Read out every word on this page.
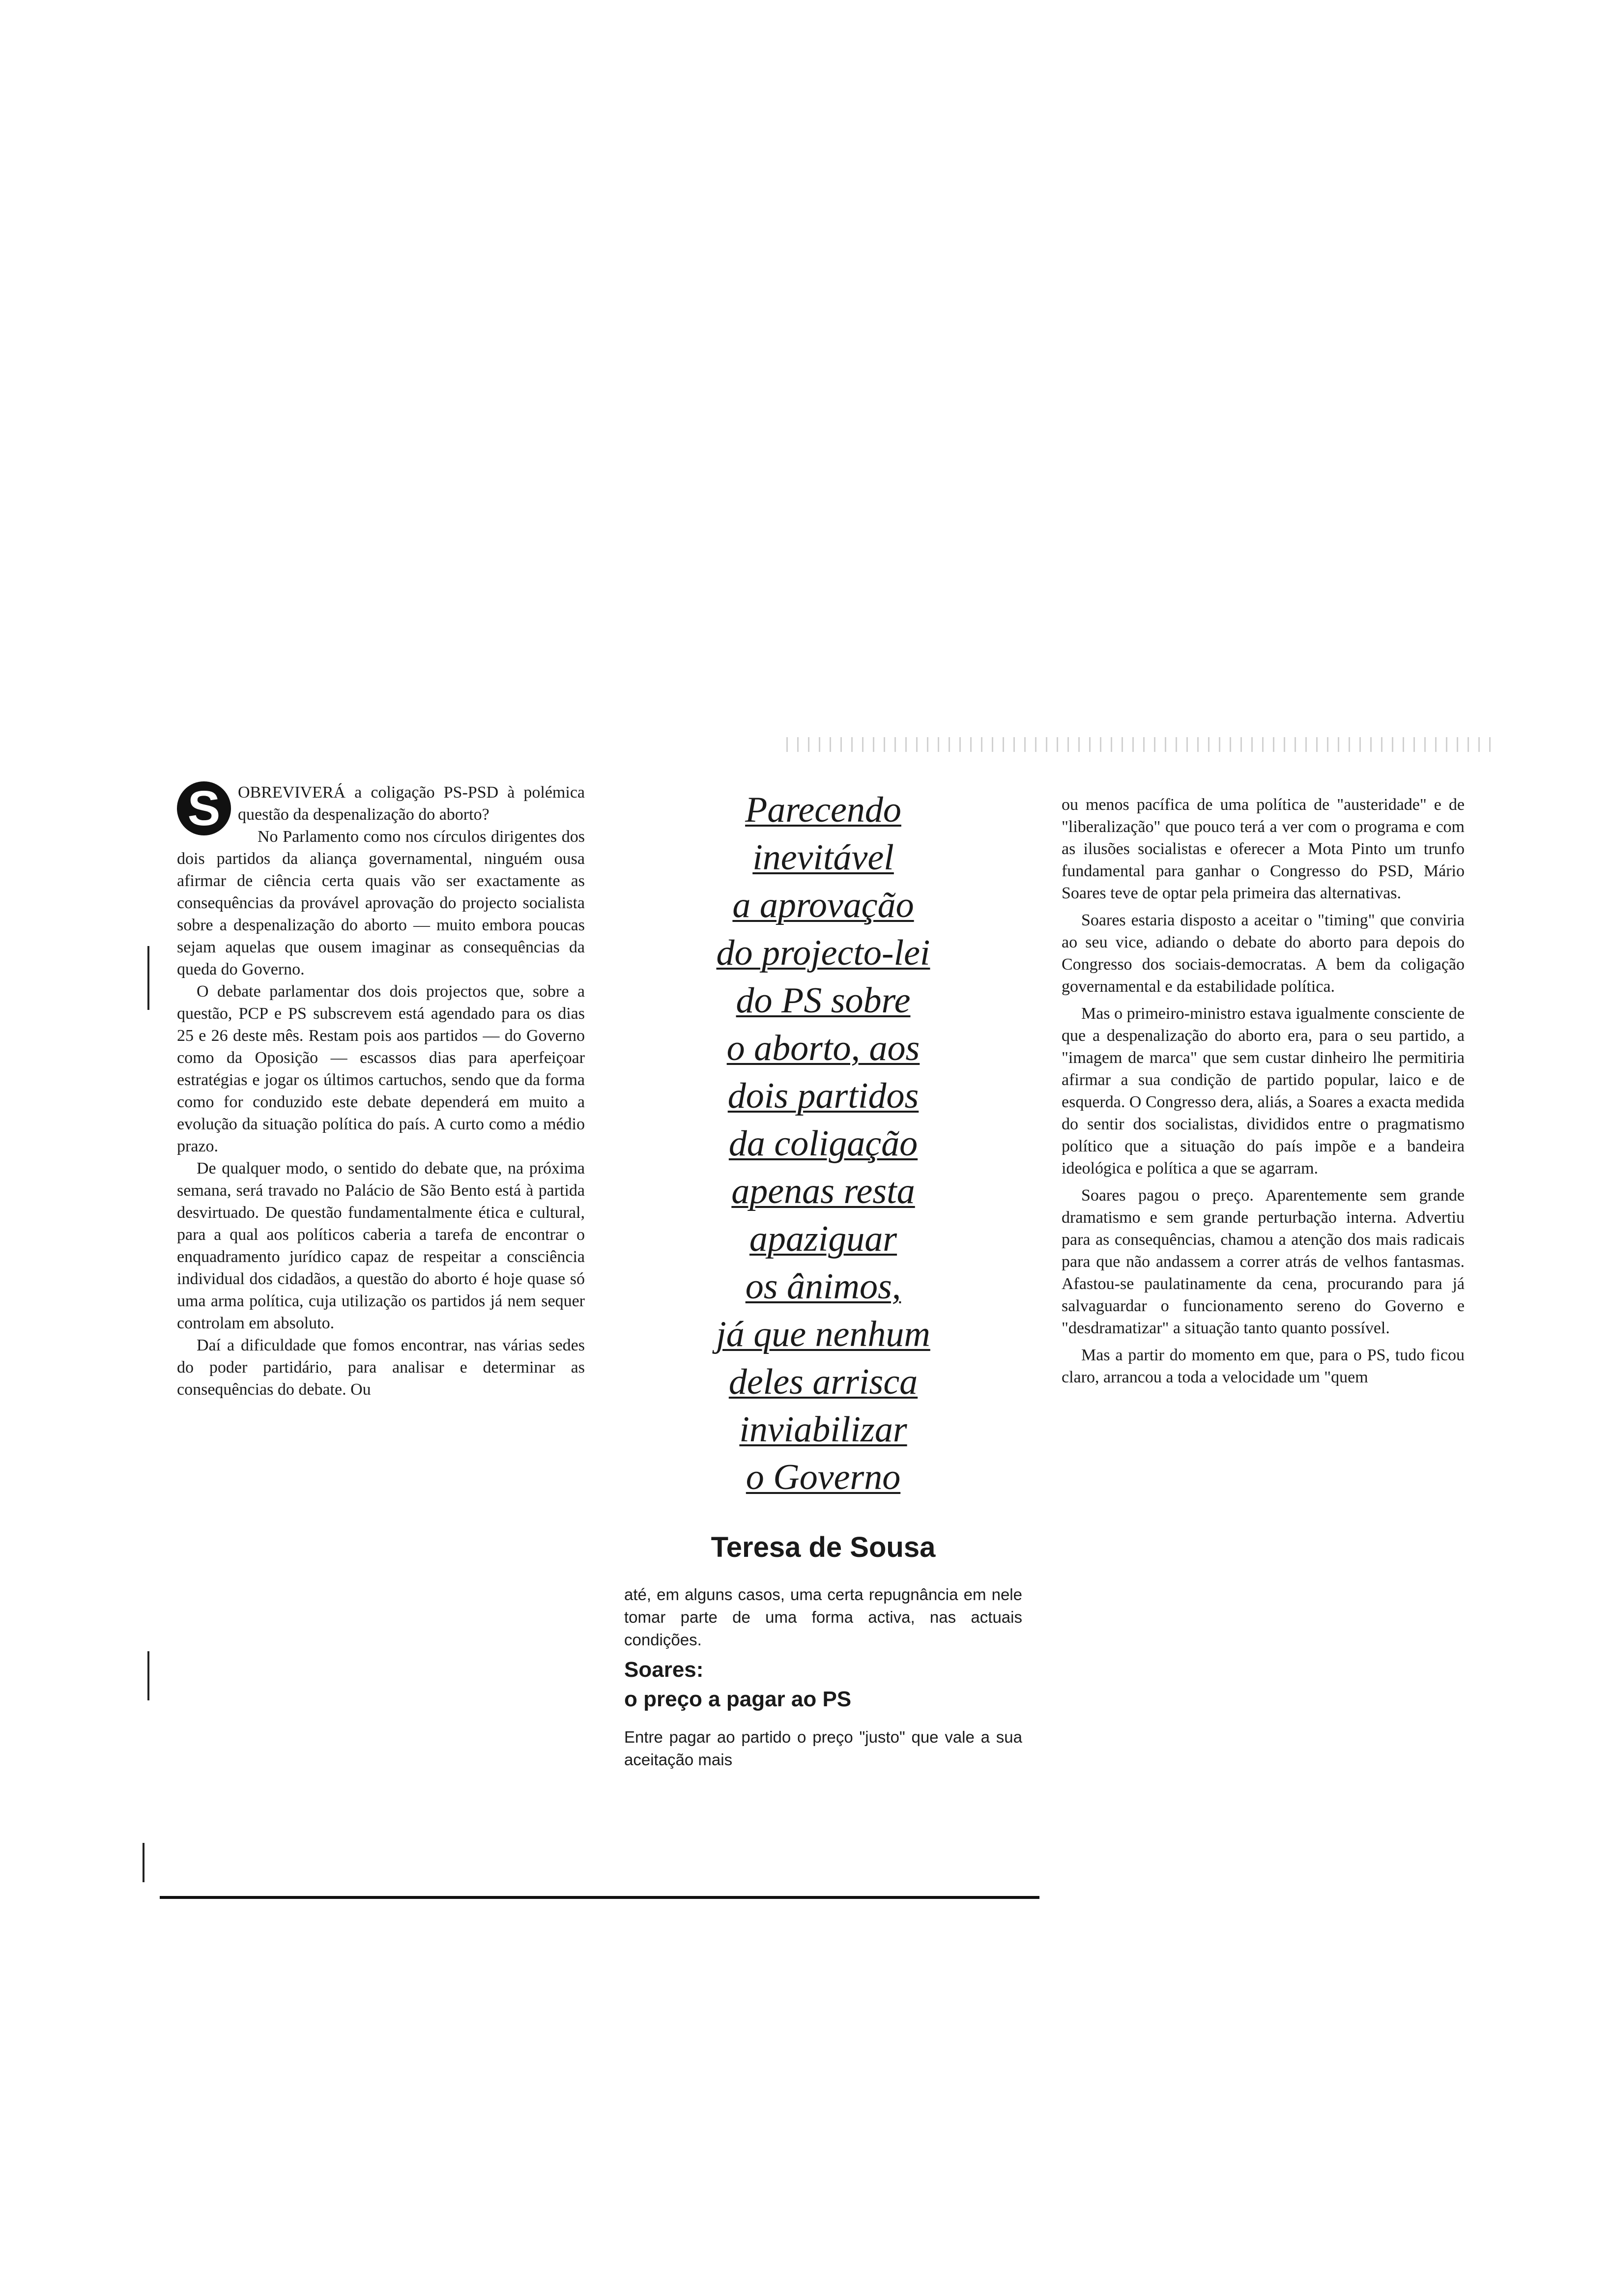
S	OBREVIVERÁ a coligação PS-PSD à polémica questão da despenalização do aborto?

No Parlamento como nos círculos dirigentes dos dois partidos da aliança governamental, ninguém ousa afirmar de ciência certa quais vão ser exactamente as consequências da provável aprovação do projecto socialista sobre a despenalização do aborto — muito embora poucas sejam aquelas que ousem imaginar as consequências da queda do Governo.

O debate parlamentar dos dois projectos que, sobre a questão, PCP e PS subscrevem está agendado para os dias 25 e 26 deste mês. Restam pois aos partidos — do Governo como da Oposição — escassos dias para aperfeiçoar estratégias e jogar os últimos cartuchos, sendo que da forma como for conduzido este debate dependerá em muito a evolução da situação política do país. A curto como a médio prazo.

De qualquer modo, o sentido do debate que, na próxima semana, será travado no Palácio de São Bento está à partida desvirtuado. De questão fundamentalmente ética e cultural, para a qual aos políticos caberia a tarefa de encontrar o enquadramento jurídico capaz de respeitar a consciência individual dos cidadãos, a questão do aborto é hoje quase só uma arma política, cuja utilização os partidos já nem sequer controlam em absoluto.

Daí a dificuldade que fomos encontrar, nas várias sedes do poder partidário, para analisar e determinar as consequências do debate. Ou

Parecendo
inevitável
a aprovação
do projecto-lei
do PS sobre
o aborto, aos
dois partidos
da coligação
apenas resta
apaziguar
os ânimos,
já que nenhum
deles arrisca
inviabilizar
o Governo
Teresa de Sousa

até, em alguns casos, uma certa repugnância em nele tomar parte de uma forma activa, nas actuais condições.

Soares:
o preço a pagar ao PS

Entre pagar ao partido o preço "justo" que vale a sua aceitação mais

ou menos pacífica de uma política de "austeridade" e de "liberalização" que pouco terá a ver com o programa e com as ilusões socialistas e oferecer a Mota Pinto um trunfo fundamental para ganhar o Congresso do PSD, Mário Soares teve de optar pela primeira das alternativas.

Soares estaria disposto a aceitar o "timing" que conviria ao seu vice, adiando o debate do aborto para depois do Congresso dos sociais-democratas. A bem da coligação governamental e da estabilidade política.

Mas o primeiro-ministro estava igualmente consciente de que a despenalização do aborto era, para o seu partido, a "imagem de marca" que sem custar dinheiro lhe permitiria afirmar a sua condição de partido popular, laico e de esquerda. O Congresso dera, aliás, a Soares a exacta medida do sentir dos socialistas, divididos entre o pragmatismo político que a situação do país impõe e a bandeira ideológica e política a que se agarram.

Soares pagou o preço. Aparentemente sem grande dramatismo e sem grande perturbação interna. Advertiu para as consequências, chamou a atenção dos mais radicais para que não andassem a correr atrás de velhos fantasmas. Afastou-se paulatinamente da cena, procurando para já salvaguardar o funcionamento sereno do Governo e "desdramatizar" a situação tanto quanto possível.

Mas a partir do momento em que, para o PS, tudo ficou claro, arrancou a toda a velocidade um "quem
